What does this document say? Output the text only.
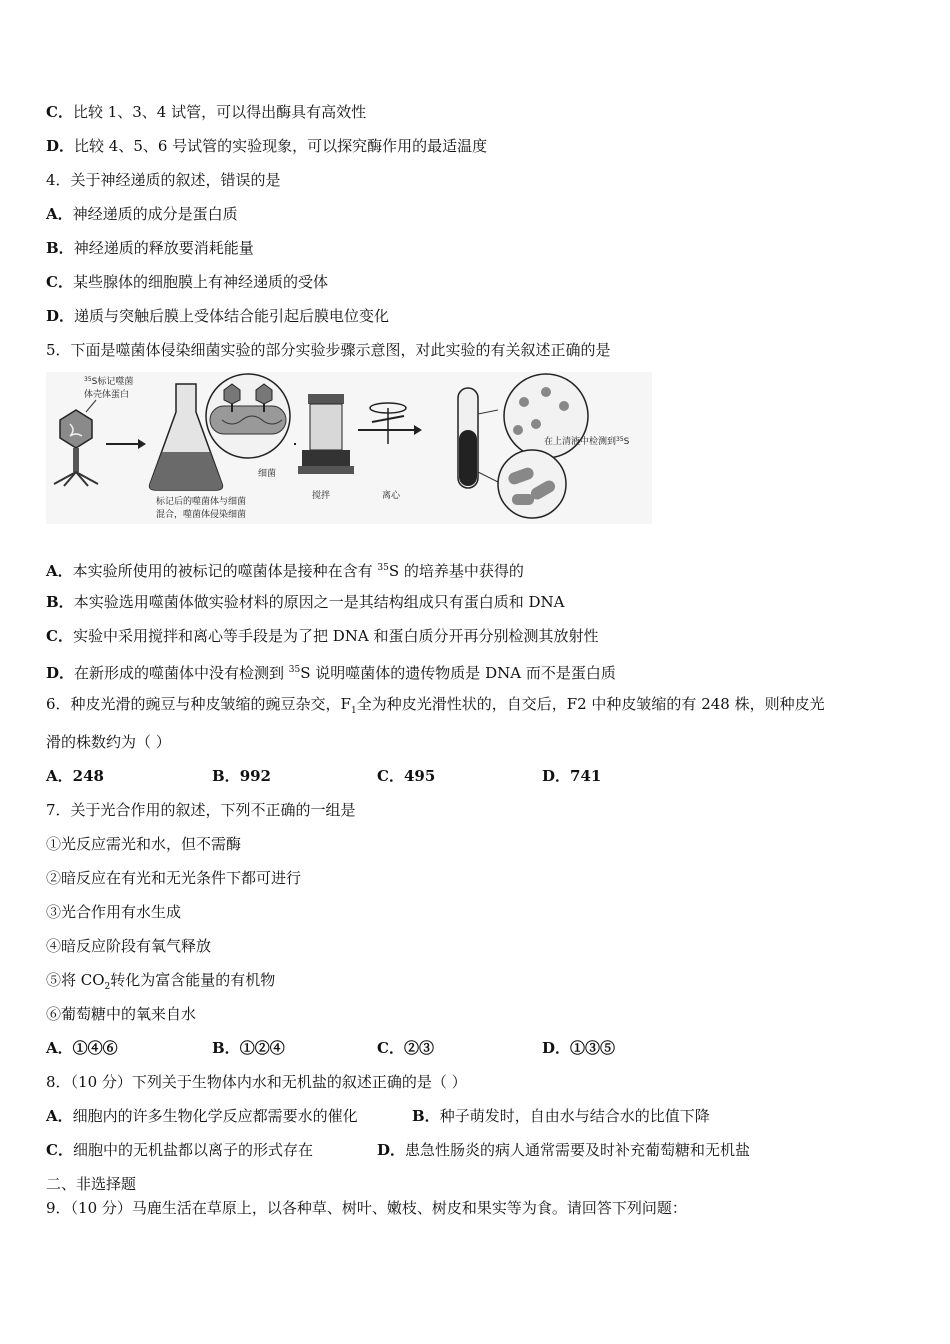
C．比较 1、3、4 试管，可以得出酶具有高效性
D．比较 4、5、6 号试管的实验现象，可以探究酶作用的最适温度
4．关于神经递质的叙述，错误的是
A．神经递质的成分是蛋白质
B．神经递质的释放要消耗能量
C．某些腺体的细胞膜上有神经递质的受体
D．递质与突触后膜上受体结合能引起后膜电位变化
5．下面是噬菌体侵染细菌实验的部分实验步骤示意图，对此实验的有关叙述正确的是
$^{35}$S标记噬菌
体壳体蛋白
细菌
标记后的噬菌体与细菌
混合，噬菌体侵染细菌
搅拌	离心
在上清液中检测到$^{35}$S
A．本实验所使用的被标记的噬菌体是接种在含有 $^{35}$S 的培养基中获得的
B．本实验选用噬菌体做实验材料的原因之一是其结构组成只有蛋白质和 DNA
C．实验中采用搅拌和离心等手段是为了把 DNA 和蛋白质分开再分别检测其放射性
D．在新形成的噬菌体中没有检测到 $^{35}$S 说明噬菌体的遗传物质是 DNA 而不是蛋白质
6．种皮光滑的豌豆与种皮皱缩的豌豆杂交，$F_1$全为种皮光滑性状的，自交后，F2 中种皮皱缩的有 248 株，则种皮光
滑的株数约为（ ）
A．248	B．992	C．495	D．741
7．关于光合作用的叙述，下列不正确的一组是
①光反应需光和水，但不需酶
②暗反应在有光和无光条件下都可进行
③光合作用有水生成
④暗反应阶段有氧气释放
⑤将 $CO_2$转化为富含能量的有机物
⑥葡萄糖中的氧来自水
A．①④⑥	B．①②④	C．②③	D．①③⑤
8．（10 分）下列关于生物体内水和无机盐的叙述正确的是（ ）
A．细胞内的许多生物化学反应都需要水的催化	B．种子萌发时，自由水与结合水的比值下降
C．细胞中的无机盐都以离子的形式存在	D．患急性肠炎的病人通常需要及时补充葡萄糖和无机盐
二、非选择题
9．（10 分）马鹿生活在草原上，以各种草、树叶、嫩枝、树皮和果实等为食。请回答下列问题：
